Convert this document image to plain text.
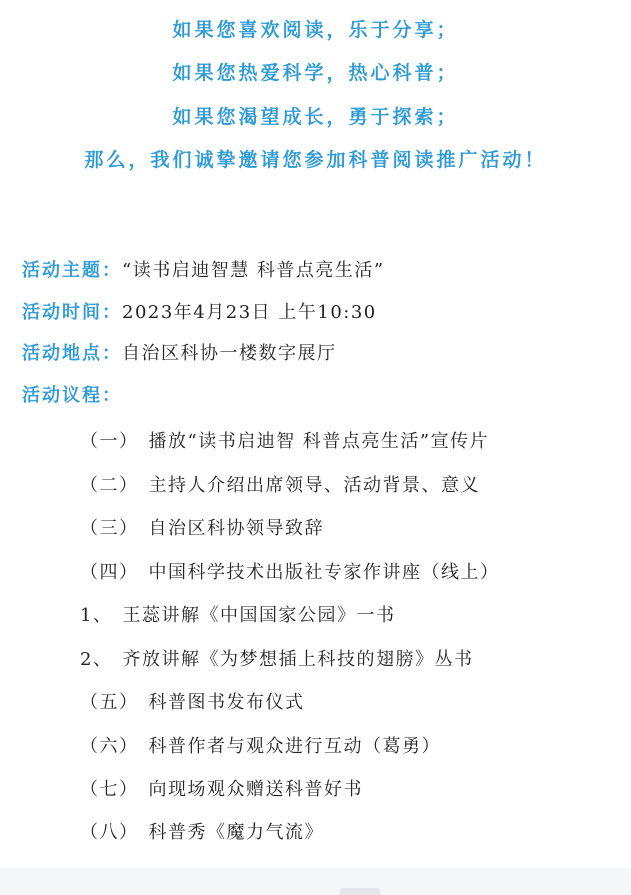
如果您喜欢阅读，乐于分享；
如果您热爱科学，热心科普；
如果您渴望成长，勇于探索；
那么，我们诚挚邀请您参加科普阅读推广活动！
活动主题：“读书启迪智慧 科普点亮生活”
活动时间：2023年4月23日 上午10:30
活动地点：自治区科协一楼数字展厅
活动议程：
（一） 播放“读书启迪智 科普点亮生活”宣传片
（二） 主持人介绍出席领导、活动背景、意义
（三） 自治区科协领导致辞
（四） 中国科学技术出版社专家作讲座（线上）
1、 王蕊讲解《中国国家公园》一书
2、 齐放讲解《为梦想插上科技的翅膀》丛书
（五） 科普图书发布仪式
（六） 科普作者与观众进行互动（葛勇）
（七） 向现场观众赠送科普好书
（八） 科普秀《魔力气流》
